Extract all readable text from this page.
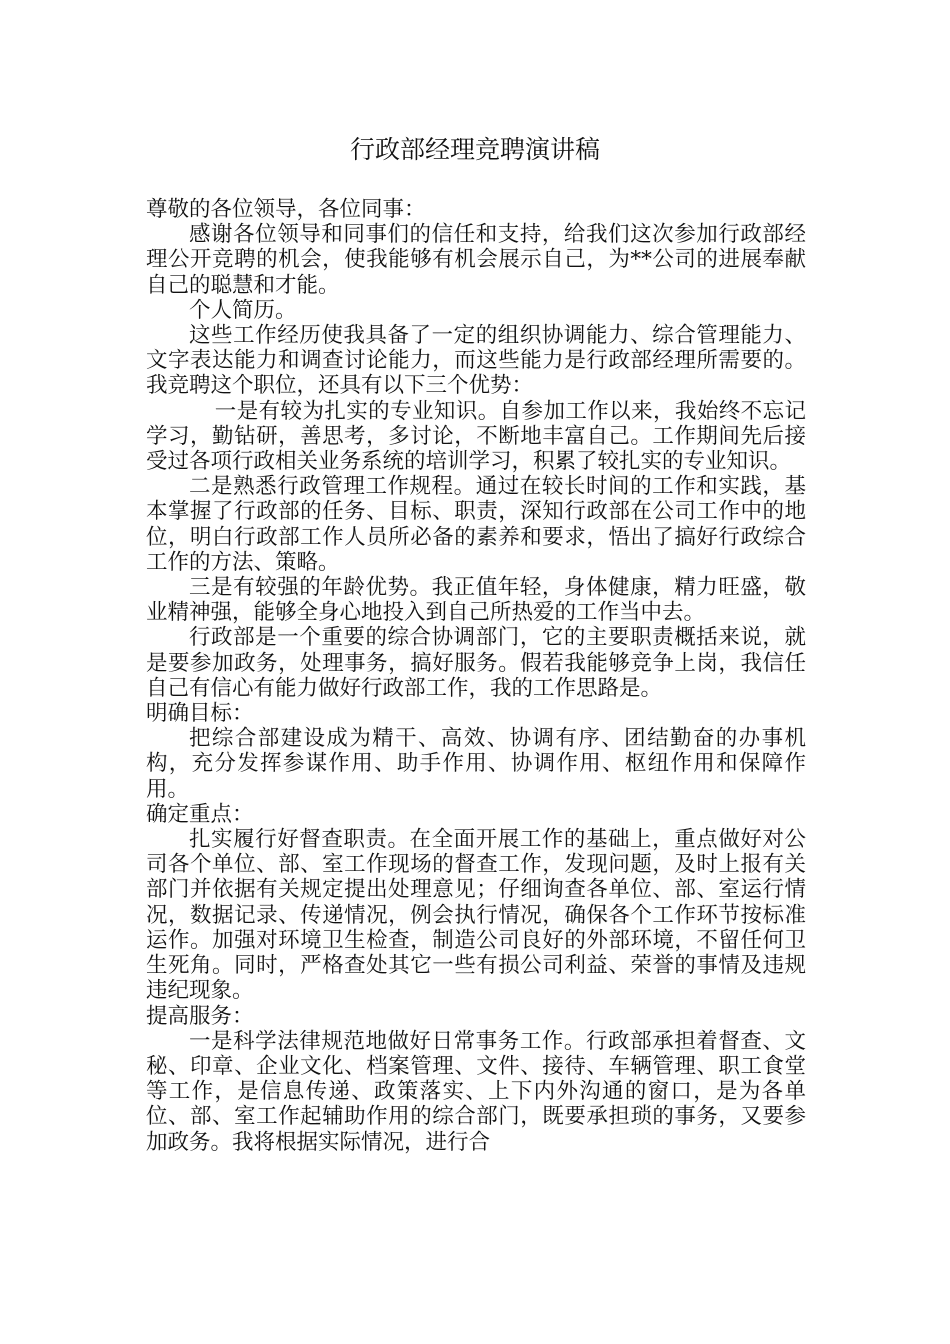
行政部经理竞聘演讲稿

尊敬的各位领导，各位同事：

感谢各位领导和同事们的信任和支持，给我们这次参加行政部经理公开竞聘的机会，使我能够有机会展示自己，为**公司的进展奉献自己的聪慧和才能。

个人简历。

这些工作经历使我具备了一定的组织协调能力、综合管理能力、文字表达能力和调查讨论能力，而这些能力是行政部经理所需要的。我竞聘这个职位，还具有以下三个优势：

一是有较为扎实的专业知识。自参加工作以来，我始终不忘记学习，勤钻研，善思考，多讨论，不断地丰富自己。工作期间先后接受过各项行政相关业务系统的培训学习，积累了较扎实的专业知识。

二是熟悉行政管理工作规程。通过在较长时间的工作和实践，基本掌握了行政部的任务、目标、职责，深知行政部在公司工作中的地位，明白行政部工作人员所必备的素养和要求，悟出了搞好行政综合工作的方法、策略。

三是有较强的年龄优势。我正值年轻，身体健康，精力旺盛，敬业精神强，能够全身心地投入到自己所热爱的工作当中去。

行政部是一个重要的综合协调部门，它的主要职责概括来说，就是要参加政务，处理事务，搞好服务。假若我能够竞争上岗，我信任自己有信心有能力做好行政部工作，我的工作思路是。

明确目标：

把综合部建设成为精干、高效、协调有序、团结勤奋的办事机构，充分发挥参谋作用、助手作用、协调作用、枢纽作用和保障作用。

确定重点：

扎实履行好督查职责。在全面开展工作的基础上，重点做好对公司各个单位、部、室工作现场的督查工作，发现问题，及时上报有关部门并依据有关规定提出处理意见；仔细询查各单位、部、室运行情况，数据记录、传递情况，例会执行情况，确保各个工作环节按标准运作。加强对环境卫生检查，制造公司良好的外部环境，不留任何卫生死角。同时，严格查处其它一些有损公司利益、荣誉的事情及违规违纪现象。

提高服务：

一是科学法律规范地做好日常事务工作。行政部承担着督查、文秘、印章、企业文化、档案管理、文件、接待、车辆管理、职工食堂等工作，是信息传递、政策落实、上下内外沟通的窗口，是为各单位、部、室工作起辅助作用的综合部门，既要承担琐的事务，又要参加政务。我将根据实际情况，进行合
